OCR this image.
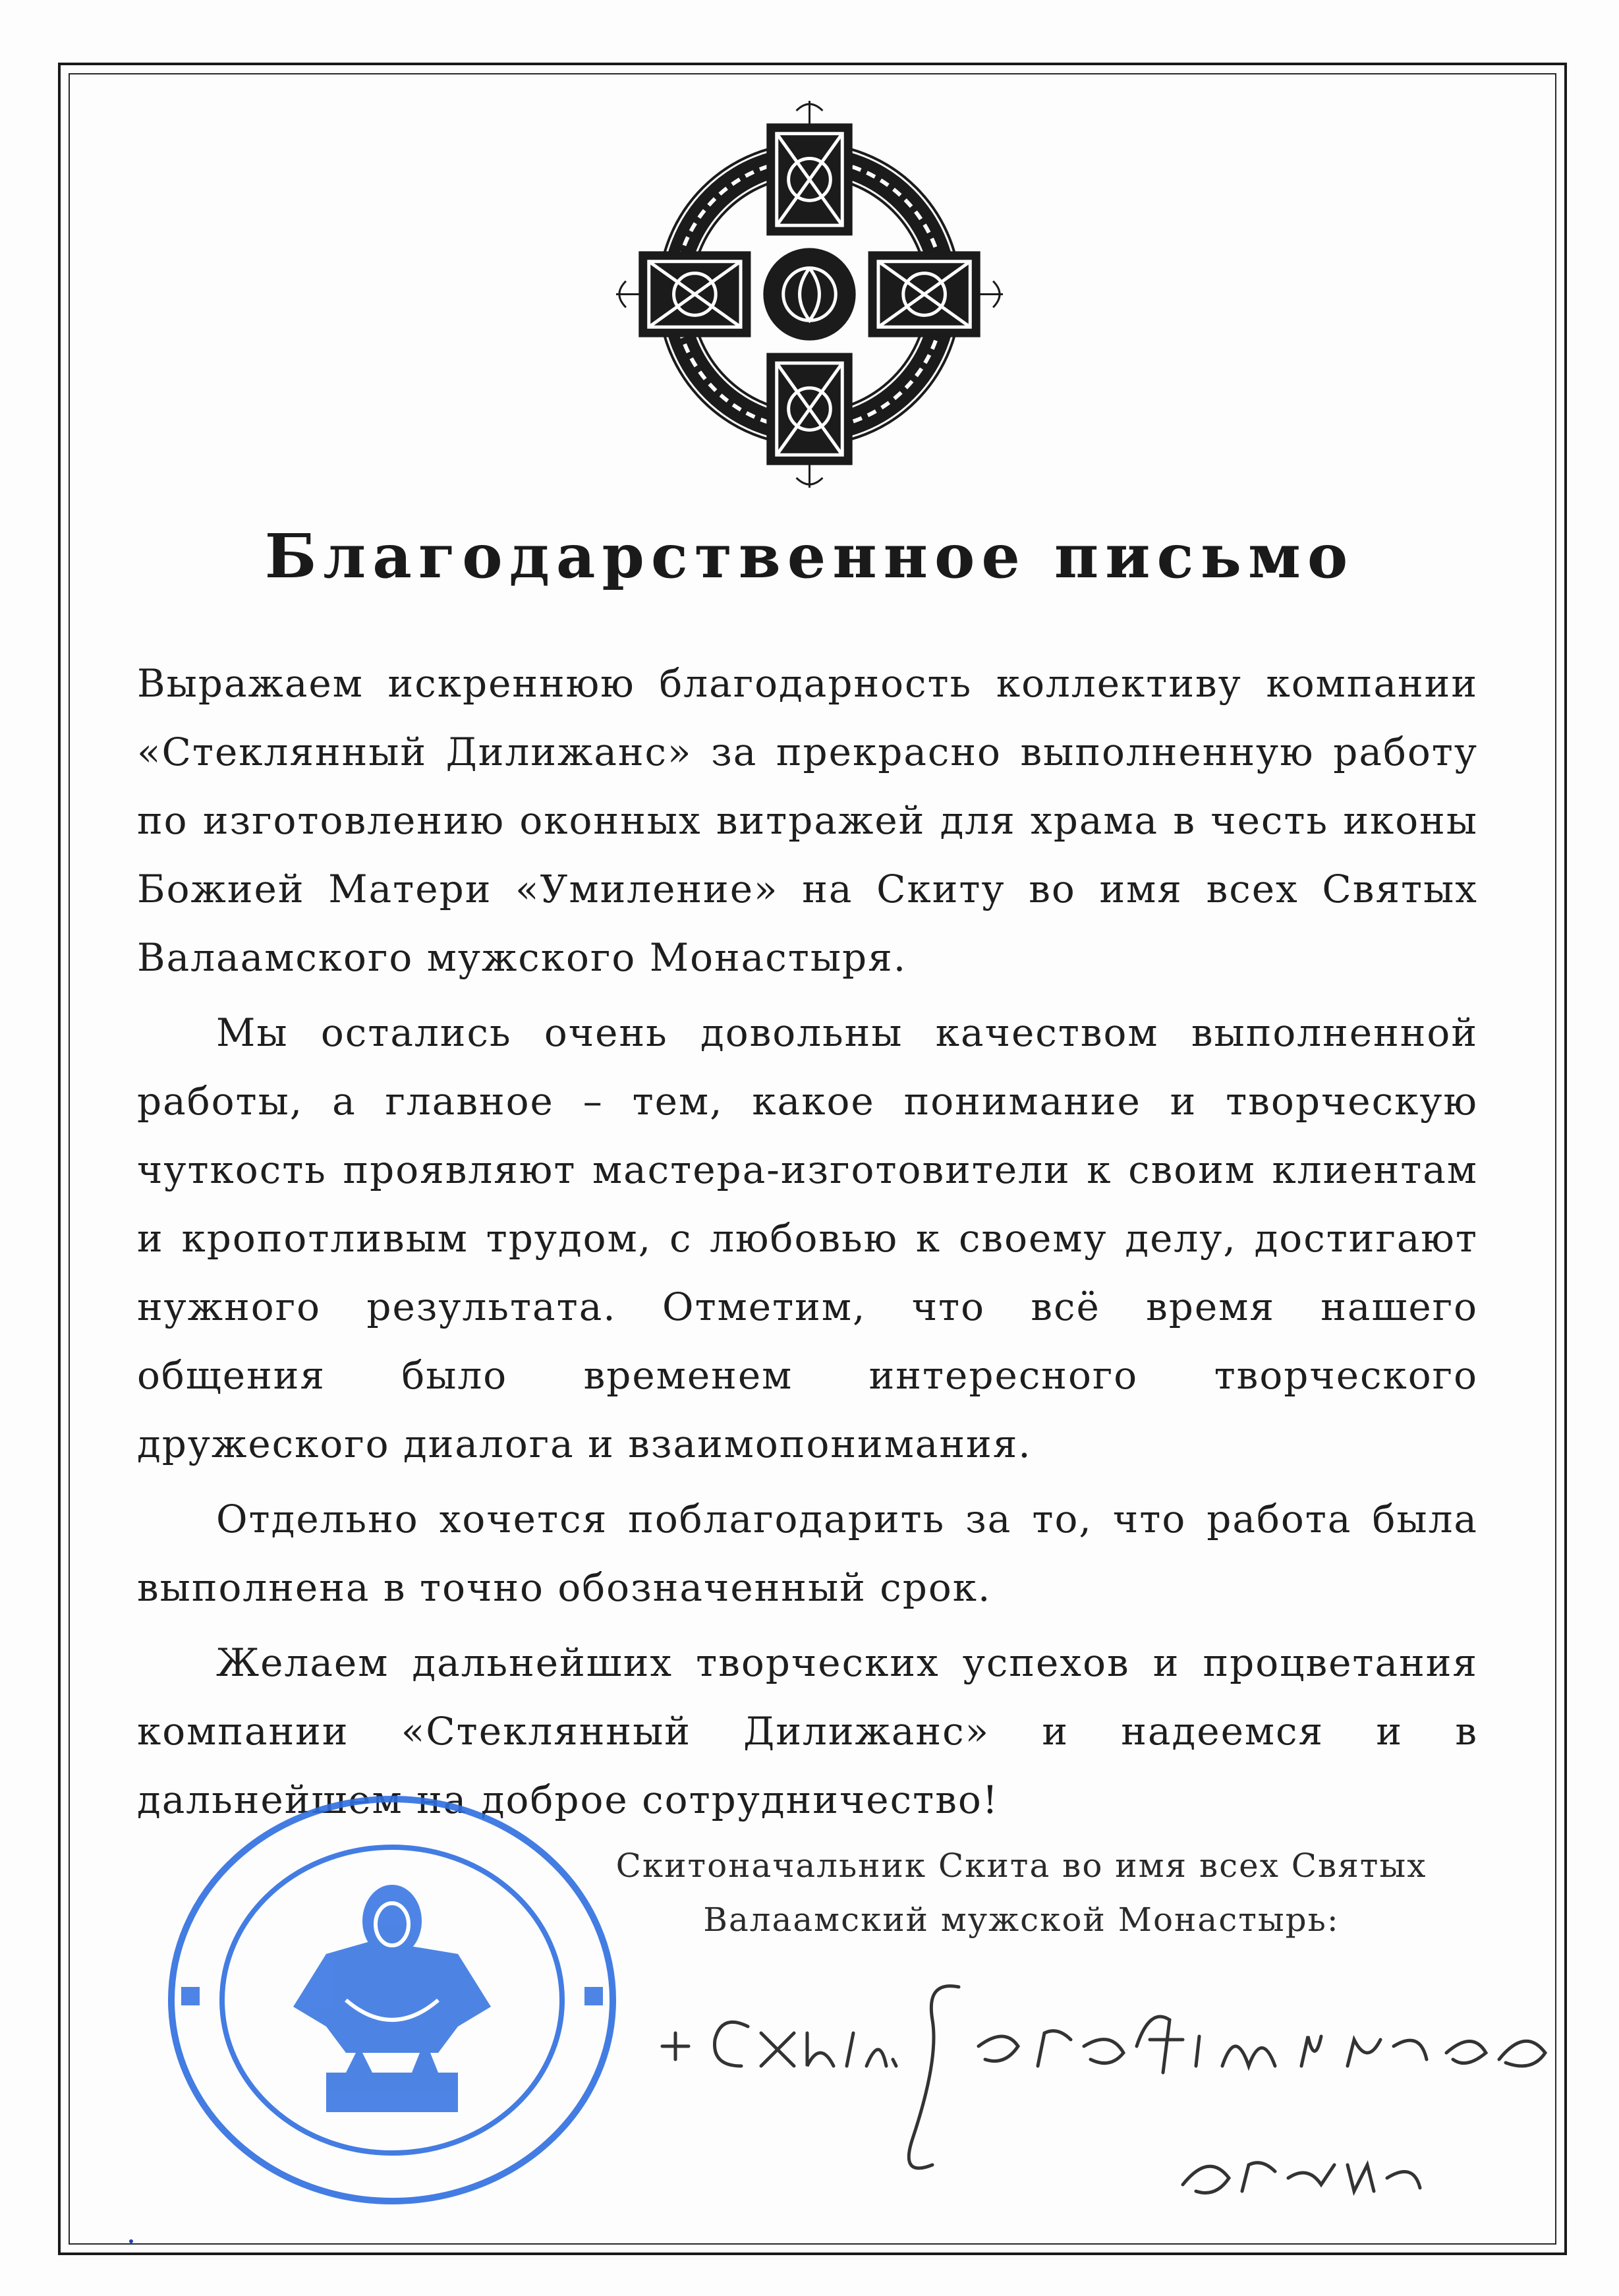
Благодарственное письмо

Выражаем искреннюю благодарность коллективу компании «Стеклянный Дилижанс» за прекрасно выполненную работу по изготовлению оконных витражей для храма в честь иконы Божией Матери «Умиление» на Скиту во имя всех Святых Валаамского мужского Монастыря.

Мы остались очень довольны качеством выполненной работы, а главное – тем, какое понимание и творческую чуткость проявляют мастера-изготовители к своим клиентам и кропотливым трудом, с любовью к своему делу, достигают нужного результата. Отметим, что всё время нашего общения было временем интересного творческого дружеского диалога и взаимопонимания.

Отдельно хочется поблагодарить за то, что работа была выполнена в точно обозначенный срок.

Желаем дальнейших творческих успехов и процветания компании «Стеклянный Дилижанс» и надеемся и в дальнейшем на доброе сотрудничество!

Скитоначальник Скита во имя всех Святых
Валаамский мужской Монастырь:
